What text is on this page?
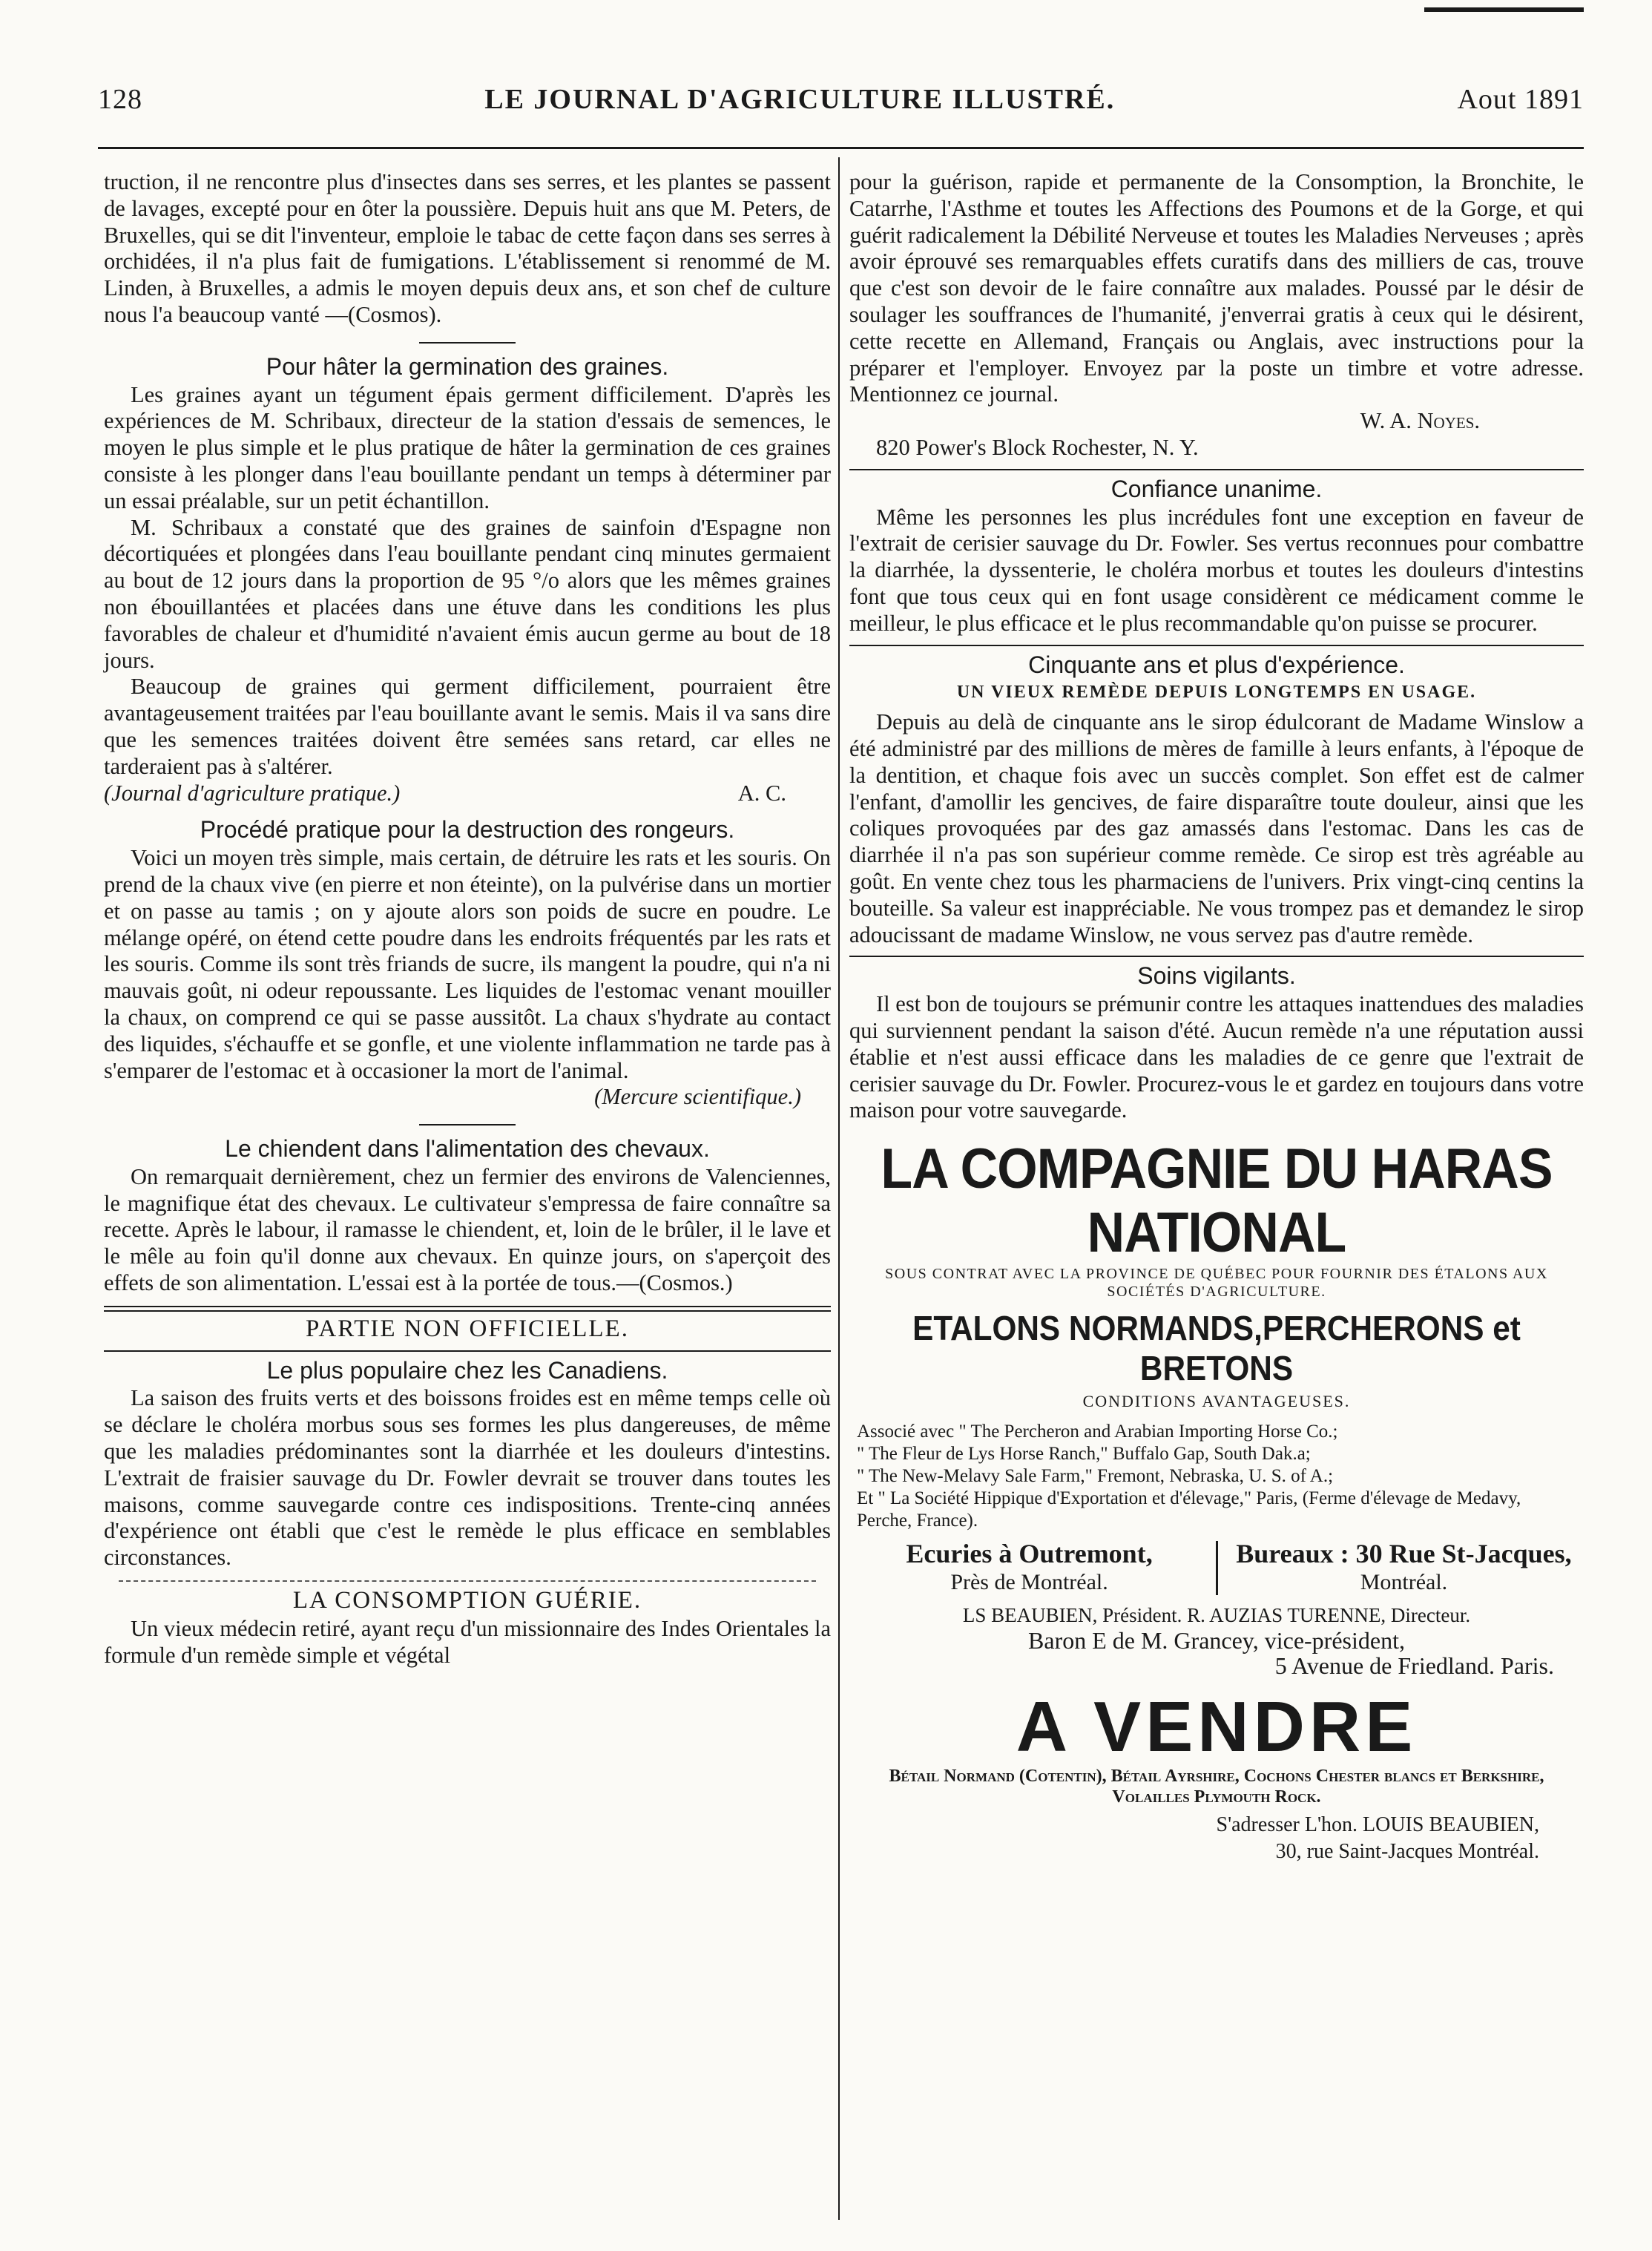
128	LE JOURNAL D'AGRICULTURE ILLUSTRÉ.	Aout 1891

truction, il ne rencontre plus d'insectes dans ses serres, et les plantes se passent de lavages, excepté pour en ôter la poussière. Depuis huit ans que M. Peters, de Bruxelles, qui se dit l'inventeur, emploie le tabac de cette façon dans ses serres à orchidées, il n'a plus fait de fumigations. L'établissement si renommé de M. Linden, à Bruxelles, a admis le moyen depuis deux ans, et son chef de culture nous l'a beaucoup vanté —(Cosmos).

Pour hâter la germination des graines.

Les graines ayant un tégument épais germent difficilement. D'après les expériences de M. Schribaux, directeur de la station d'essais de semences, le moyen le plus simple et le plus pratique de hâter la germination de ces graines consiste à les plonger dans l'eau bouillante pendant un temps à déterminer par un essai préalable, sur un petit échantillon.

M. Schribaux a constaté que des graines de sainfoin d'Espagne non décortiquées et plongées dans l'eau bouillante pendant cinq minutes germaient au bout de 12 jours dans la proportion de 95 °/o alors que les mêmes graines non ébouillantées et placées dans une étuve dans les conditions les plus favorables de chaleur et d'humidité n'avaient émis aucun germe au bout de 18 jours.

Beaucoup de graines qui germent difficilement, pourraient être avantageusement traitées par l'eau bouillante avant le semis. Mais il va sans dire que les semences traitées doivent être semées sans retard, car elles ne tarderaient pas à s'altérer.

(Journal d'agriculture pratique.)	A. C.
Procédé pratique pour la destruction des rongeurs.

Voici un moyen très simple, mais certain, de détruire les rats et les souris. On prend de la chaux vive (en pierre et non éteinte), on la pulvérise dans un mortier et on passe au tamis ; on y ajoute alors son poids de sucre en poudre. Le mélange opéré, on étend cette poudre dans les endroits fréquentés par les rats et les souris. Comme ils sont très friands de sucre, ils mangent la poudre, qui n'a ni mauvais goût, ni odeur repoussante. Les liquides de l'estomac venant mouiller la chaux, on comprend ce qui se passe aussitôt. La chaux s'hydrate au contact des liquides, s'échauffe et se gonfle, et une violente inflammation ne tarde pas à s'emparer de l'estomac et à occasioner la mort de l'animal.

(Mercure scientifique.)
Le chiendent dans l'alimentation des chevaux.

On remarquait dernièrement, chez un fermier des environs de Valenciennes, le magnifique état des chevaux. Le cultivateur s'empressa de faire connaître sa recette. Après le labour, il ramasse le chiendent, et, loin de le brûler, il le lave et le mêle au foin qu'il donne aux chevaux. En quinze jours, on s'aperçoit des effets de son alimentation. L'essai est à la portée de tous.—(Cosmos.)

PARTIE NON OFFICIELLE.
Le plus populaire chez les Canadiens.

La saison des fruits verts et des boissons froides est en même temps celle où se déclare le choléra morbus sous ses formes les plus dangereuses, de même que les maladies prédominantes sont la diarrhée et les douleurs d'intestins. L'extrait de fraisier sauvage du Dr. Fowler devrait se trouver dans toutes les maisons, comme sauvegarde contre ces indispositions. Trente-cinq années d'expérience ont établi que c'est le remède le plus efficace en semblables circonstances.

LA CONSOMPTION GUÉRIE.

Un vieux médecin retiré, ayant reçu d'un missionnaire des Indes Orientales la formule d'un remède simple et végétal

pour la guérison, rapide et permanente de la Consomption, la Bronchite, le Catarrhe, l'Asthme et toutes les Affections des Poumons et de la Gorge, et qui guérit radicalement la Débilité Nerveuse et toutes les Maladies Nerveuses ; après avoir éprouvé ses remarquables effets curatifs dans des milliers de cas, trouve que c'est son devoir de le faire connaître aux malades. Poussé par le désir de soulager les souffrances de l'humanité, j'enverrai gratis à ceux qui le désirent, cette recette en Allemand, Français ou Anglais, avec instructions pour la préparer et l'employer. Envoyez par la poste un timbre et votre adresse. Mentionnez ce journal.

W. A. Noyes.
820 Power's Block Rochester, N. Y.
Confiance unanime.

Même les personnes les plus incrédules font une exception en faveur de l'extrait de cerisier sauvage du Dr. Fowler. Ses vertus reconnues pour combattre la diarrhée, la dyssenterie, le choléra morbus et toutes les douleurs d'intestins font que tous ceux qui en font usage considèrent ce médicament comme le meilleur, le plus efficace et le plus recommandable qu'on puisse se procurer.

Cinquante ans et plus d'expérience.
UN VIEUX REMÈDE DEPUIS LONGTEMPS EN USAGE.

Depuis au delà de cinquante ans le sirop édulcorant de Madame Winslow a été administré par des millions de mères de famille à leurs enfants, à l'époque de la dentition, et chaque fois avec un succès complet. Son effet est de calmer l'enfant, d'amollir les gencives, de faire disparaître toute douleur, ainsi que les coliques provoquées par des gaz amassés dans l'estomac. Dans les cas de diarrhée il n'a pas son supérieur comme remède. Ce sirop est très agréable au goût. En vente chez tous les pharmaciens de l'univers. Prix vingt-cinq centins la bouteille. Sa valeur est inappréciable. Ne vous trompez pas et demandez le sirop adoucissant de madame Winslow, ne vous servez pas d'autre remède.

Soins vigilants.

Il est bon de toujours se prémunir contre les attaques inattendues des maladies qui surviennent pendant la saison d'été. Aucun remède n'a une réputation aussi établie et n'est aussi efficace dans les maladies de ce genre que l'extrait de cerisier sauvage du Dr. Fowler. Procurez-vous le et gardez en toujours dans votre maison pour votre sauvegarde.

LA COMPAGNIE DU HARAS NATIONAL
SOUS CONTRAT AVEC LA PROVINCE DE QUÉBEC POUR FOURNIR DES ÉTALONS AUX SOCIÉTÉS D'AGRICULTURE.
ETALONS NORMANDS,PERCHERONS et BRETONS
CONDITIONS AVANTAGEUSES.
Associé avec " The Percheron and Arabian Importing Horse Co.;
" The Fleur de Lys Horse Ranch," Buffalo Gap, South Dak.a;
" The New-Melavy Sale Farm," Fremont, Nebraska, U. S. of A.;
Et " La Société Hippique d'Exportation et d'élevage," Paris, (Ferme d'élevage de Medavy, Perche, France).
Ecuries à Outremont,
Près de Montréal.
Bureaux : 30 Rue St-Jacques,
Montréal.
LS BEAUBIEN, Président. R. AUZIAS TURENNE, Directeur.
Baron E de M. Grancey, vice-président,
5 Avenue de Friedland. Paris.
A VENDRE
Bétail Normand (Cotentin), Bétail Ayrshire, Cochons Chester blancs et Berkshire, Volailles Plymouth Rock.
S'adresser L'hon. LOUIS BEAUBIEN,
30, rue Saint-Jacques Montréal.
